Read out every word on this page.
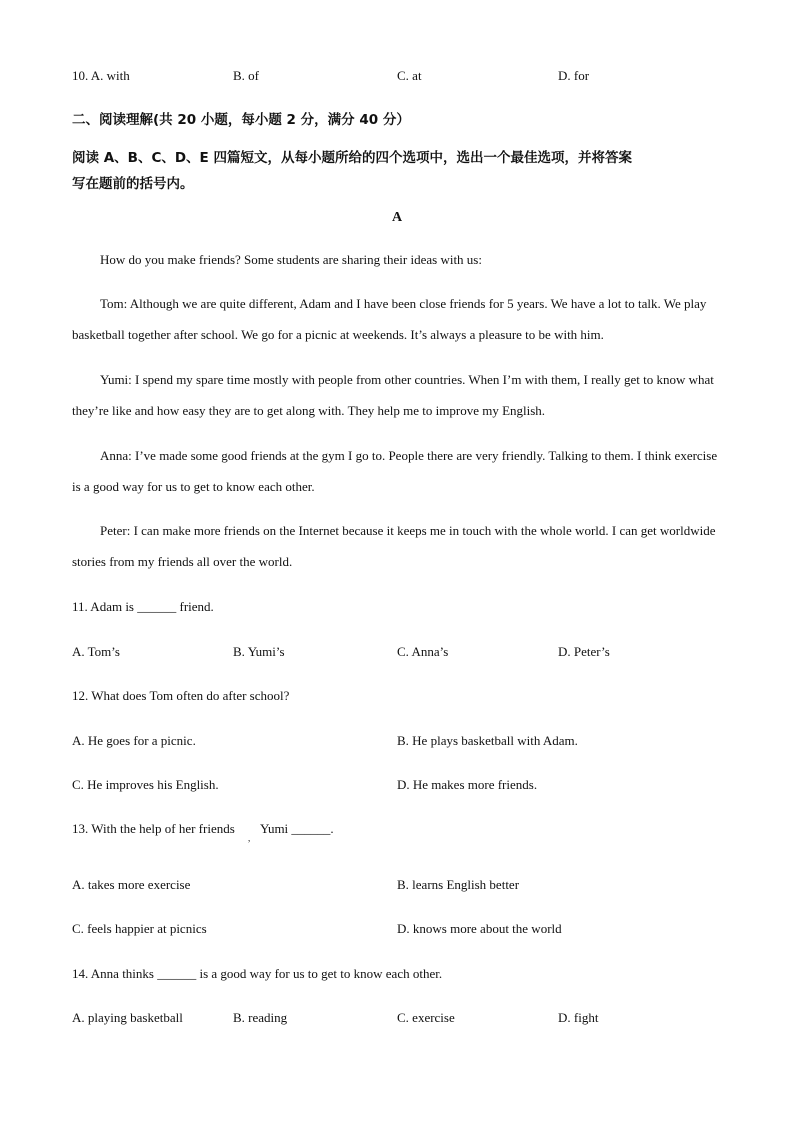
10. A. with	B. of	C. at	D. for
二、阅读理解(共 20 小题，每小题 2 分，满分 40 分）
阅读 A、B、C、D、E 四篇短文，从每小题所给的四个选项中，选出一个最佳选项，并将答案
写在题前的括号内。
A
How do you make friends? Some students are sharing their ideas with us:
Tom: Although we are quite different, Adam and I have been close friends for 5 years. We have a lot to talk. We play basketball together after school. We go for a picnic at weekends. It’s always a pleasure to be with him.
Yumi: I spend my spare time mostly with people from other countries. When I’m with them, I really get to know what they’re like and how easy they are to get along with. They help me to improve my English.
Anna: I’ve made some good friends at the gym I go to. People there are very friendly. Talking to them. I think exercise is a good way for us to get to know each other.
Peter: I can make more friends on the Internet because it keeps me in touch with the whole world. I can get worldwide stories from my friends all over the world.
11. Adam is ______ friend.
A. Tom’s	B. Yumi’s	C. Anna’s	D. Peter’s
12. What does Tom often do after school?
A. He goes for a picnic.	B. He plays basketball with Adam.
C. He improves his English.	D. He makes more friends.
13. With the help of her friends
,
Yumi ______.
A. takes more exercise	B. learns English better
C. feels happier at picnics	D. knows more about the world
14. Anna thinks ______ is a good way for us to get to know each other.
A. playing basketball	B. reading	C. exercise	D. fight
